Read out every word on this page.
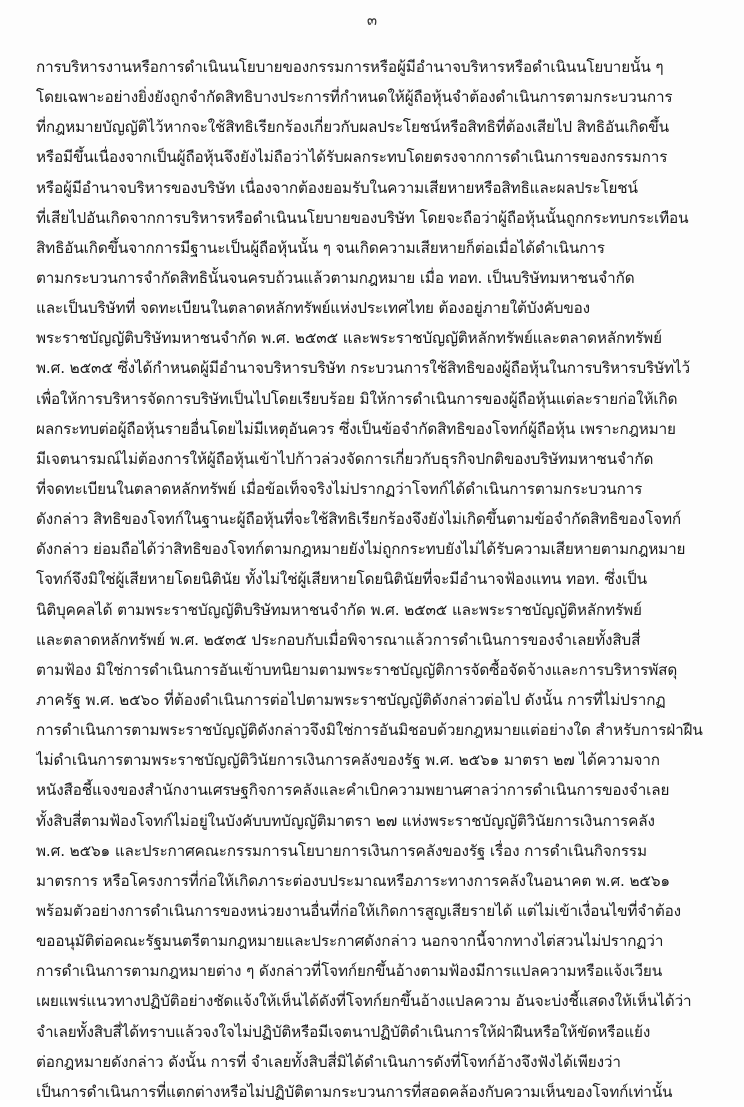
๓
การบริหารงานหรือการดำเนินนโยบายของกรรมการหรือผู้มีอำนาจบริหารหรือดำเนินนโยบายนั้น ๆ
โดยเฉพาะอย่างยิ่งยังถูกจำกัดสิทธิบางประการที่กำหนดให้ผู้ถือหุ้นจำต้องดำเนินการตามกระบวนการ
ที่กฎหมายบัญญัติไว้หากจะใช้สิทธิเรียกร้องเกี่ยวกับผลประโยชน์หรือสิทธิที่ต้องเสียไป สิทธิอันเกิดขึ้น
หรือมีขึ้นเนื่องจากเป็นผู้ถือหุ้นจึงยังไม่ถือว่าได้รับผลกระทบโดยตรงจากการดำเนินการของกรรมการ
หรือผู้มีอำนาจบริหารของบริษัท เนื่องจากต้องยอมรับในความเสียหายหรือสิทธิและผลประโยชน์
ที่เสียไปอันเกิดจากการบริหารหรือดำเนินนโยบายของบริษัท โดยจะถือว่าผู้ถือหุ้นนั้นถูกกระทบกระเทือน
สิทธิอันเกิดขึ้นจากการมีฐานะเป็นผู้ถือหุ้นนั้น ๆ จนเกิดความเสียหายก็ต่อเมื่อได้ดำเนินการ
ตามกระบวนการจำกัดสิทธินั้นจนครบถ้วนแล้วตามกฎหมาย เมื่อ ทอท. เป็นบริษัทมหาชนจำกัด
และเป็นบริษัทที่ จดทะเบียนในตลาดหลักทรัพย์แห่งประเทศไทย ต้องอยู่ภายใต้บังคับของ
พระราชบัญญัติบริษัทมหาชนจำกัด พ.ศ. ๒๕๓๕ และพระราชบัญญัติหลักทรัพย์และตลาดหลักทรัพย์
พ.ศ. ๒๕๓๕ ซึ่งได้กำหนดผู้มีอำนาจบริหารบริษัท กระบวนการใช้สิทธิของผู้ถือหุ้นในการบริหารบริษัทไว้
เพื่อให้การบริหารจัดการบริษัทเป็นไปโดยเรียบร้อย มิให้การดำเนินการของผู้ถือหุ้นแต่ละรายก่อให้เกิด
ผลกระทบต่อผู้ถือหุ้นรายอื่นโดยไม่มีเหตุอันควร ซึ่งเป็นข้อจำกัดสิทธิของโจทก์ผู้ถือหุ้น เพราะกฎหมาย
มีเจตนารมณ์ไม่ต้องการให้ผู้ถือหุ้นเข้าไปก้าวล่วงจัดการเกี่ยวกับธุรกิจปกติของบริษัทมหาชนจำกัด
ที่จดทะเบียนในตลาดหลักทรัพย์ เมื่อข้อเท็จจริงไม่ปรากฏว่าโจทก์ได้ดำเนินการตามกระบวนการ
ดังกล่าว สิทธิของโจทก์ในฐานะผู้ถือหุ้นที่จะใช้สิทธิเรียกร้องจึงยังไม่เกิดขึ้นตามข้อจำกัดสิทธิของโจทก์
ดังกล่าว ย่อมถือได้ว่าสิทธิของโจทก์ตามกฎหมายยังไม่ถูกกระทบยังไม่ได้รับความเสียหายตามกฎหมาย
โจทก์จึงมิใช่ผู้เสียหายโดยนิตินัย ทั้งไม่ใช่ผู้เสียหายโดยนิตินัยที่จะมีอำนาจฟ้องแทน ทอท. ซึ่งเป็น
นิติบุคคลได้ ตามพระราชบัญญัติบริษัทมหาชนจำกัด พ.ศ. ๒๕๓๕ และพระราชบัญญัติหลักทรัพย์
และตลาดหลักทรัพย์ พ.ศ. ๒๕๓๕ ประกอบกับเมื่อพิจารณาแล้วการดำเนินการของจำเลยทั้งสิบสี่
ตามฟ้อง มิใช่การดำเนินการอันเข้าบทนิยามตามพระราชบัญญัติการจัดซื้อจัดจ้างและการบริหารพัสดุ
ภาครัฐ พ.ศ. ๒๕๖๐ ที่ต้องดำเนินการต่อไปตามพระราชบัญญัติดังกล่าวต่อไป ดังนั้น การที่ไม่ปรากฏ
การดำเนินการตามพระราชบัญญัติดังกล่าวจึงมิใช่การอันมิชอบด้วยกฎหมายแต่อย่างใด สำหรับการฝ่าฝืน
ไม่ดำเนินการตามพระราชบัญญัติวินัยการเงินการคลังของรัฐ พ.ศ. ๒๕๖๑ มาตรา ๒๗ ได้ความจาก
หนังสือชี้แจงของสำนักงานเศรษฐกิจการคลังและคำเบิกความพยานศาลว่าการดำเนินการของจำเลย
ทั้งสิบสี่ตามฟ้องโจทก์ไม่อยู่ในบังคับบทบัญญัติมาตรา ๒๗ แห่งพระราชบัญญัติวินัยการเงินการคลัง
พ.ศ. ๒๕๖๑ และประกาศคณะกรรมการนโยบายการเงินการคลังของรัฐ เรื่อง การดำเนินกิจกรรม
มาตรการ หรือโครงการที่ก่อให้เกิดภาระต่องบประมาณหรือภาระทางการคลังในอนาคต พ.ศ. ๒๕๖๑
พร้อมตัวอย่างการดำเนินการของหน่วยงานอื่นที่ก่อให้เกิดการสูญเสียรายได้ แต่ไม่เข้าเงื่อนไขที่จำต้อง
ขออนุมัติต่อคณะรัฐมนตรีตามกฎหมายและประกาศดังกล่าว นอกจากนี้จากทางไต่สวนไม่ปรากฏว่า
การดำเนินการตามกฎหมายต่าง ๆ ดังกล่าวที่โจทก์ยกขึ้นอ้างตามฟ้องมีการแปลความหรือแจ้งเวียน
เผยแพร่แนวทางปฏิบัติอย่างชัดแจ้งให้เห็นได้ดังที่โจทก์ยกขึ้นอ้างแปลความ อันจะบ่งชี้แสดงให้เห็นได้ว่า
จำเลยทั้งสิบสี่ได้ทราบแล้วจงใจไม่ปฏิบัติหรือมีเจตนาปฏิบัติดำเนินการให้ฝ่าฝืนหรือให้ขัดหรือแย้ง
ต่อกฎหมายดังกล่าว ดังนั้น การที่ จำเลยทั้งสิบสี่มิได้ดำเนินการดังที่โจทก์อ้างจึงฟังได้เพียงว่า
เป็นการดำเนินการที่แตกต่างหรือไม่ปฏิบัติตามกระบวนการที่สอดคล้องกับความเห็นของโจทก์เท่านั้น
